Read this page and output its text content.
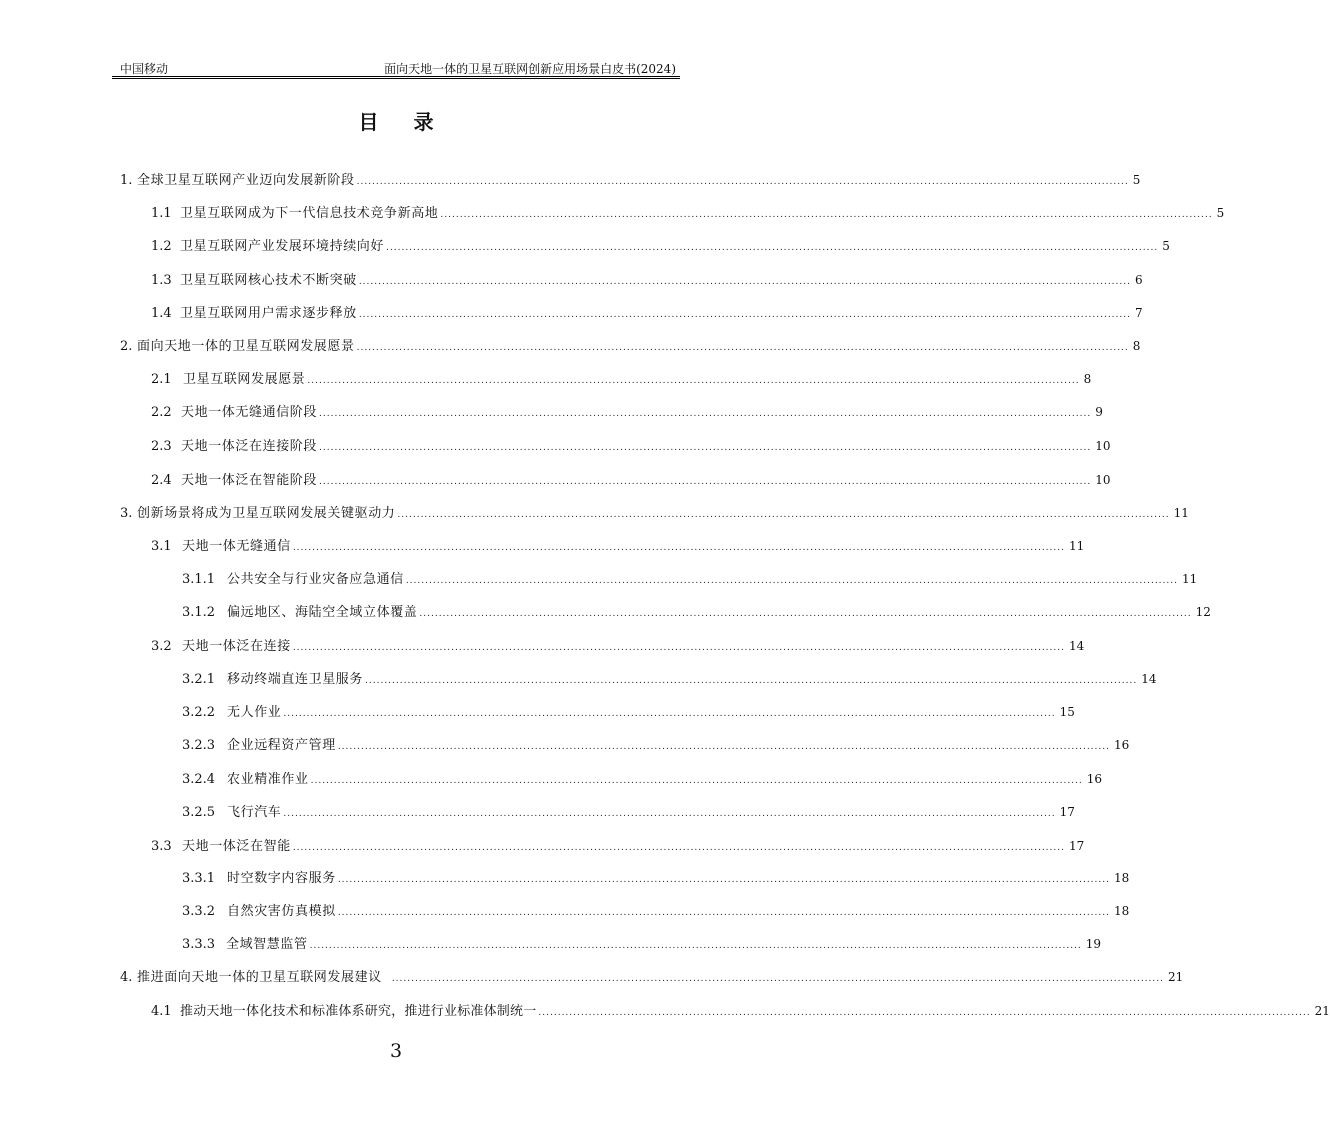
中国移动	面向天地一体的卫星互联网创新应用场景白皮书(2024)
目 录
1. 全球卫星互联网产业迈向发展新阶段 ........................................................................................................................................................................................................ 5
1.1 卫星互联网成为下一代信息技术竞争新高地 ........................................................................................................................................................................................................ 5
1.2 卫星互联网产业发展环境持续向好 ........................................................................................................................................................................................................ 5
1.3 卫星互联网核心技术不断突破 ........................................................................................................................................................................................................ 6
1.4 卫星互联网用户需求逐步释放 ........................................................................................................................................................................................................ 7
2. 面向天地一体的卫星互联网发展愿景 ........................................................................................................................................................................................................ 8
2.1 卫星互联网发展愿景 ........................................................................................................................................................................................................ 8
2.2 天地一体无缝通信阶段 ........................................................................................................................................................................................................ 9
2.3 天地一体泛在连接阶段 ........................................................................................................................................................................................................ 10
2.4 天地一体泛在智能阶段 ........................................................................................................................................................................................................ 10
3. 创新场景将成为卫星互联网发展关键驱动力 ........................................................................................................................................................................................................ 11
3.1 天地一体无缝通信 ........................................................................................................................................................................................................ 11
3.1.1 公共安全与行业灾备应急通信 ........................................................................................................................................................................................................ 11
3.1.2 偏远地区、海陆空全域立体覆盖 ........................................................................................................................................................................................................ 12
3.2 天地一体泛在连接 ........................................................................................................................................................................................................ 14
3.2.1 移动终端直连卫星服务 ........................................................................................................................................................................................................ 14
3.2.2 无人作业 ........................................................................................................................................................................................................ 15
3.2.3 企业远程资产管理 ........................................................................................................................................................................................................ 16
3.2.4 农业精准作业 ........................................................................................................................................................................................................ 16
3.2.5 飞行汽车 ........................................................................................................................................................................................................ 17
3.3 天地一体泛在智能 ........................................................................................................................................................................................................ 17
3.3.1 时空数字内容服务 ........................................................................................................................................................................................................ 18
3.3.2 自然灾害仿真模拟 ........................................................................................................................................................................................................ 18
3.3.3 全域智慧监管 ........................................................................................................................................................................................................ 19
4. 推进面向天地一体的卫星互联网发展建议 ........................................................................................................................................................................................................ 21
4.1 推动天地一体化技术和标准体系研究，推进行业标准体制统一 ........................................................................................................................................................................................................ 21
3
